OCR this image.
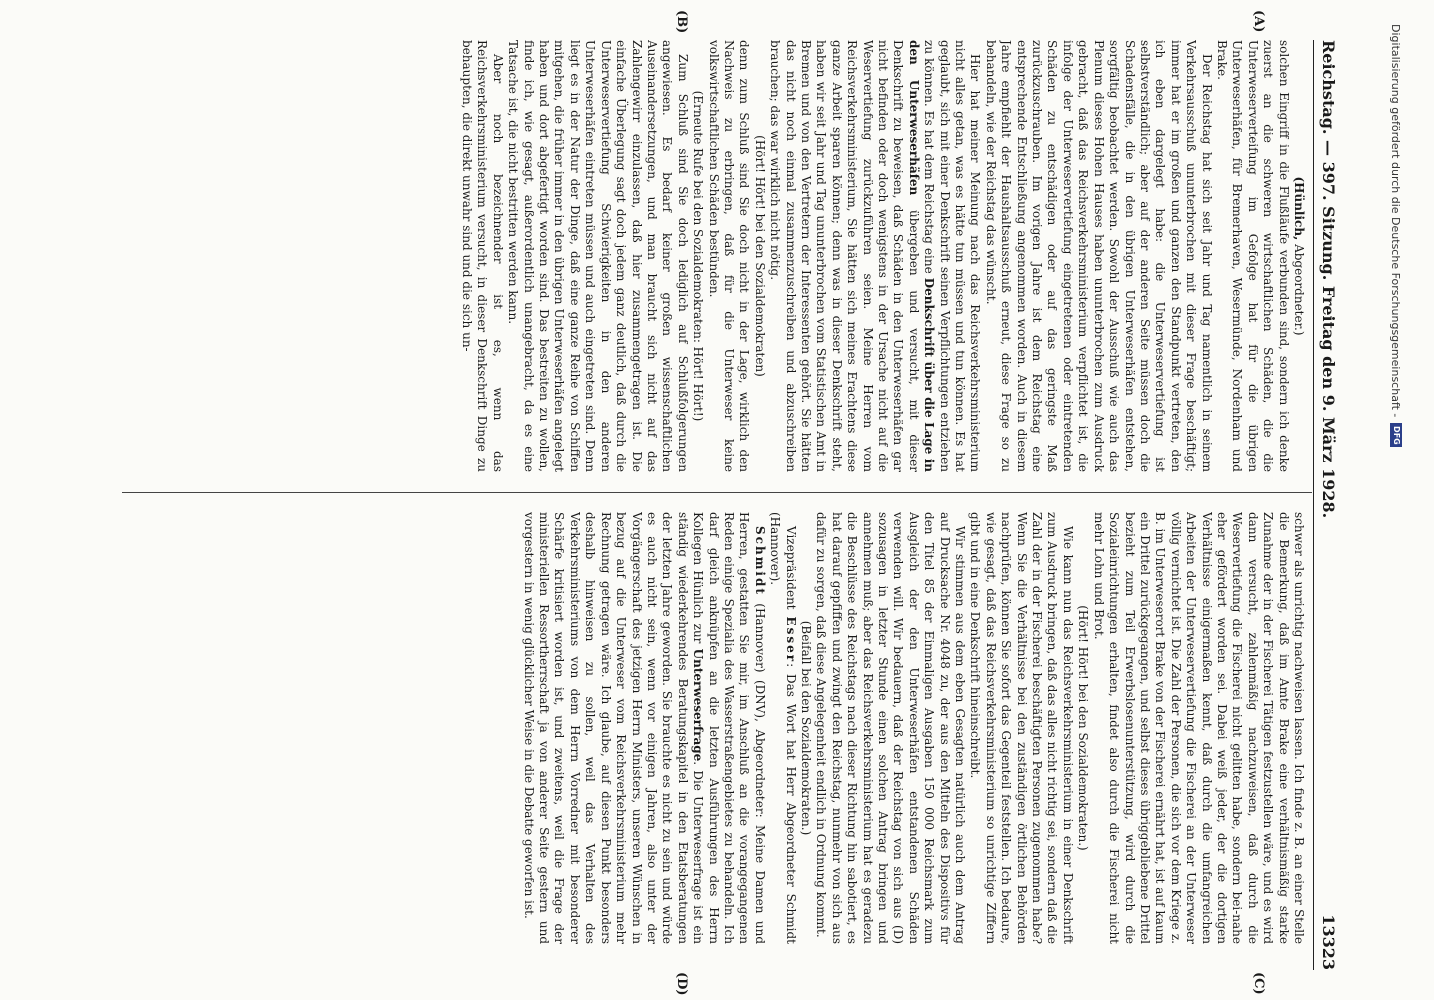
Digitalisierung gefördert durch die Deutsche Forschungsgemeinschaft -
DFG
Reichstag. — 397. Sitzung. Freitag den 9. März 1928.
13323
(A)
(B)
(C)
(D)

(Hünlich, Abgeordneter.)

solchen Eingriff in die Flußläufe verbunden sind, sondern ich denke zuerst an die schweren wirtschaftlichen Schäden, die die Unterweserverteifung im Gefolge hat für die übrigen Unterweserhäfen, für Bremerhaven, Wesermünde, Nordenham und Brake.

Der Reichstag hat sich seit Jahr und Tag namentlich in seinem Verkehrsausschuß ununterbrochen mit dieser Frage beschäftigt; immer hat er im großen und ganzen den Standpunkt vertreten, den ich eben dargelegt habe: die Unterweservertiefung ist selbstverständlich; aber auf der anderen Seite müssen doch die Schadensfälle, die in den übrigen Unterweserhäfen entstehen, sorgfältig beobachtet werden. Sowohl der Ausschuß wie auch das Plenum dieses Hohen Hauses haben ununterbrochen zum Ausdruck gebracht, daß das Reichsverkehrsministerium verpflichtet ist, die infolge der Unterweservertiefung eingetretenen oder eintretenden Schäden zu entschädigen oder auf das geringste Maß zurückzuschrauben. Im vorigen Jahre ist dem Reichstag eine entsprechende Entschließung angenommen worden. Auch in diesem Jahre empfiehlt der Haushaltsausschuß erneut, diese Frage so zu behandeln, wie der Reichstag das wünscht.

Hier hat meiner Meinung nach das Reichsverkehrsministerium nicht alles getan, was es hätte tun müssen und tun können. Es hat geglaubt, sich mit einer Denkschrift seinen Verpflichtungen entziehen zu können. Es hat dem Reichstag eine Denkschrift über die Lage in den Unterweserhäfen übergeben und versucht, mit dieser Denkschrift zu beweisen, daß Schäden in den Unterweserhäfen gar nicht befinden oder doch wenigstens in der Ursache nicht auf die Weservertiefung zurückzuführen seien. Meine Herren vom Reichsverkehrsministerium, Sie hätten sich meines Erachtens diese ganze Arbeit sparen können; denn was in dieser Denkschrift steht, haben wir seit Jahr und Tag ununterbrochen vom Statistischen Amt in Bremen und von den Vertretern der Interessenten gehört. Sie hätten das nicht noch einmal zusammenzuschreiben und abzuschreiben brauchen; das war wirklich nicht nötig.

(Hört! Hört! bei den Sozialdemokraten)

denn zum Schluß sind Sie doch nicht in der Lage, wirklich den Nachweis zu erbringen, daß für die Unterweser keine volkswirtschaftlichen Schäden bestünden.

(Erneute Rufe bei den Sozialdemokraten: Hört! Hört!)

Zum Schluß sind Sie doch lediglich auf Schlußfolgerungen angewiesen. Es bedarf keiner großen wissenschaftlichen Auseinandersetzungen, und man braucht sich nicht auf das Zahlengewirr einzulassen, daß hier zusammengetragen ist. Die einfache Überlegung sagt doch jedem ganz deutlich, daß durch die Unterweservertiefung Schwierigkeiten in den anderen Unterweserhäfen eintreten müssen und auch eingetreten sind. Denn liegt es in der Natur der Dinge, daß eine ganze Reihe von Schiffen mitgehen, die früher immer in den übrigen Unterweserhäfen angelegt haben und dort abgefertigt worden sind. Das bestreiten zu wollen, finde ich, wie gesagt, außerordentlich unangebracht, da es eine Tatsache ist, die nicht bestritten werden kann.

Aber noch bezeichnender ist es, wenn das Reichsverkehrsministerium versucht, in dieser Denkschrift Dinge zu behaupten, die direkt unwahr sind und die sich un-

schwer als unrichtig nachweisen lassen. Ich finde z. B. an einer Stelle die Bemerkung, daß im Amte Brake eine verhältnismäßig starke Zunahme der in der Fischerei Tätigen festzustellen wäre, und es wird dann versucht, zahlenmäßig nachzuweisen, daß durch die Weservertiefung die Fischerei nicht gelitten habe, sondern bei-nahe eher gefördert worden sei. Dabei weiß jeder, der die dortigen Verhältnisse einigermaßen kennt, daß durch die umfangreichen Arbeiten der Unterweservertiefung die Fischerei an der Unterweser völlig vernichtet ist. Die Zahl der Personen, die sich vor dem Kriege z. B. im Unterweserort Brake von der Fischerei ernährt hat, ist auf kaum ein Drittel zurückgegangen, und selbst dieses übriggebliebene Drittel bezieht zum Teil Erwerbslosenunterstützung, wird durch die Sozialeinrichtungen erhalten, findet also durch die Fischerei nicht mehr Lohn und Brot.

(Hört! Hört! bei den Sozialdemokraten.)

Wie kann nun das Reichsverkehrsministerium in einer Denkschrift zum Ausdruck bringen, daß das alles nicht richtig sei, sondern daß die Zahl der in der Fischerei beschäftigten Personen zugenommen habe? Wenn Sie die Verhältnisse bei den zuständigen örtlichen Behörden nachprüfen, können Sie sofort das Gegenteil feststellen. Ich bedaure, wie gesagt, daß das Reichsverkehrsministerium so unrichtige Ziffern gibt und in eine Denkschrift hineinschreibt.

Wir stimmen aus dem eben Gesagten natürlich auch dem Antrag auf Drucksache Nr. 4048 zu, der aus den Mitteln des Dispositivs für den Titel 85 der Einmaligen Ausgaben 150 000 Reichsmark zum Ausgleich der den Unterweserhäfen entstandenen Schäden verwenden will. Wir bedauern, daß der Reichstag von sich aus (D) sozusagen in letzter Stunde einen solchen Antrag bringen und annehmen muß; aber das Reichsverkehrsministerium hat es geradezu die Beschlüsse des Reichstags nach dieser Richtung hin sabotiert, es hat darauf gepfiffen und zwingt den Reichstag, nunmehr von sich aus dafür zu sorgen, daß diese Angelegenheit endlich in Ordnung kommt.

(Beifall bei den Sozialdemokraten.)

Vizepräsident Esser: Das Wort hat Herr Abgeordneter Schmidt (Hannover).

Schmidt (Hannover) (DNV), Abgeordneter: Meine Damen und Herren, gestatten Sie mir, im Anschluß an die vorangegangenen Reden einige Spezialia des Wasserstraßengebietes zu behandeln. Ich darf gleich anknüpfen an die letzten Ausführungen des Herrn Kollegen Hünlich zur Unterweserfrage. Die Unterweserfrage ist ein ständig wiederkehrendes Beratungskapitel in den Etatsberatungen der letzten Jahre geworden. Sie brauchte es nicht zu sein und würde es auch nicht sein, wenn vor einigen Jahren, also unter der Vorgängerschaft des jetzigen Herrn Ministers, unseren Wünschen in bezug auf die Unterweser vom Reichsverkehrsministerium mehr Rechnung getragen wäre. Ich glaube, auf diesen Punkt besonders deshalb hinweisen zu sollen, weil das Verhalten des Verkehrsministeriums von dem Herrn Vorredner mit besonderer Schärfe kritisiert worden ist, und zweitens, weil die Frage der ministeriellen Ressortherrschaft ja von anderer Seite gestern und vorgestern in wenig glücklicher Weise in die Debatte geworfen ist.
